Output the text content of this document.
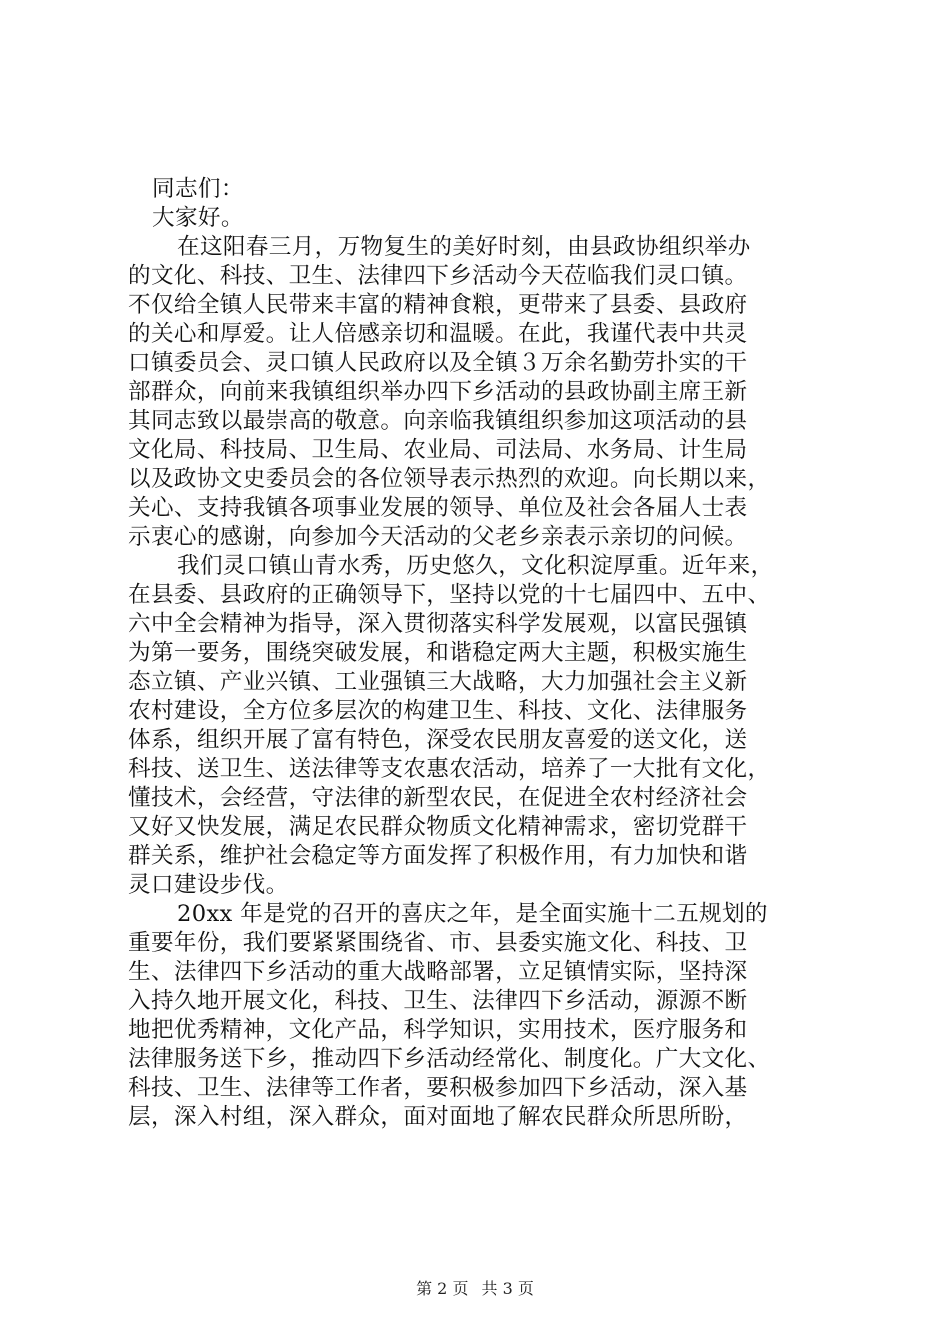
同志们：
大家好。
在这阳春三月，万物复生的美好时刻，由县政协组织举办
的文化、科技、卫生、法律四下乡活动今天莅临我们灵口镇。
不仅给全镇人民带来丰富的精神食粮，更带来了县委、县政府
的关心和厚爱。让人倍感亲切和温暖。在此，我谨代表中共灵
口镇委员会、灵口镇人民政府以及全镇３万余名勤劳扑实的干
部群众，向前来我镇组织举办四下乡活动的县政协副主席王新
其同志致以最崇高的敬意。向亲临我镇组织参加这项活动的县
文化局、科技局、卫生局、农业局、司法局、水务局、计生局
以及政协文史委员会的各位领导表示热烈的欢迎。向长期以来，
关心、支持我镇各项事业发展的领导、单位及社会各届人士表
示衷心的感谢，向参加今天活动的父老乡亲表示亲切的问候。
我们灵口镇山青水秀，历史悠久，文化积淀厚重。近年来，
在县委、县政府的正确领导下，坚持以党的十七届四中、五中、
六中全会精神为指导，深入贯彻落实科学发展观，以富民强镇
为第一要务，围绕突破发展，和谐稳定两大主题，积极实施生
态立镇、产业兴镇、工业强镇三大战略，大力加强社会主义新
农村建设，全方位多层次的构建卫生、科技、文化、法律服务
体系，组织开展了富有特色，深受农民朋友喜爱的送文化，送
科技、送卫生、送法律等支农惠农活动，培养了一大批有文化，
懂技术，会经营，守法律的新型农民，在促进全农村经济社会
又好又快发展，满足农民群众物质文化精神需求，密切党群干
群关系，维护社会稳定等方面发挥了积极作用，有力加快和谐
灵口建设步伐。
20xx 年是党的召开的喜庆之年，是全面实施十二五规划的
重要年份，我们要紧紧围绕省、市、县委实施文化、科技、卫
生、法律四下乡活动的重大战略部署，立足镇情实际，坚持深
入持久地开展文化，科技、卫生、法律四下乡活动，源源不断
地把优秀精神，文化产品，科学知识，实用技术，医疗服务和
法律服务送下乡，推动四下乡活动经常化、制度化。广大文化、
科技、卫生、法律等工作者，要积极参加四下乡活动，深入基
层，深入村组，深入群众，面对面地了解农民群众所思所盼，
第 2 页 共 3 页
